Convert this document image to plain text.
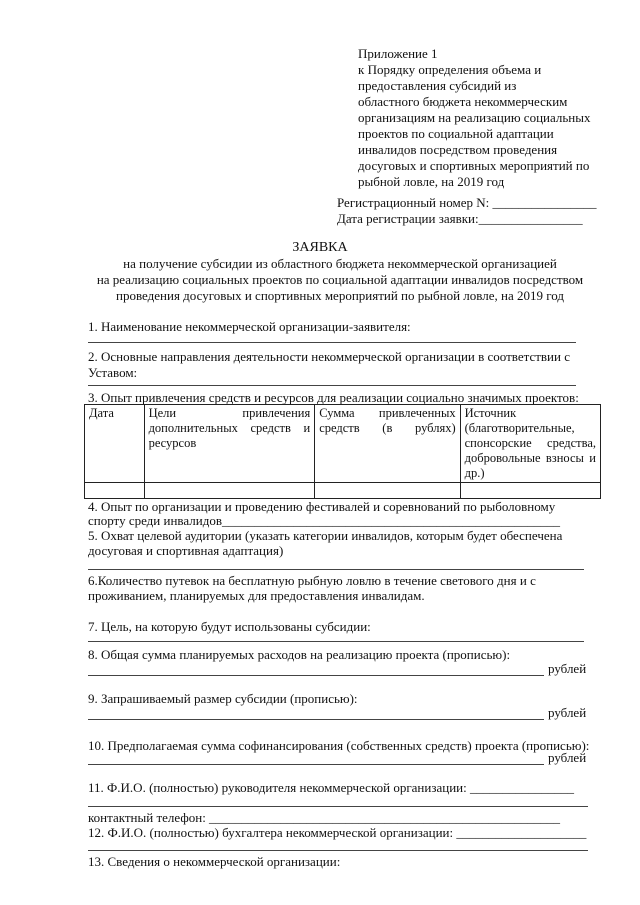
Приложение 1
к Порядку определения объема и
предоставления субсидий из
областного бюджета некоммерческим
организациям на реализацию социальных
проектов по социальной адаптации
инвалидов посредством проведения
досуговых и спортивных мероприятий по
рыбной ловле, на 2019 год
Регистрационный номер N: ________________
Дата регистрации заявки:________________
ЗАЯВКА
на получение субсидии из областного бюджета некоммерческой организацией
на реализацию социальных проектов по социальной адаптации инвалидов посредством
проведения досуговых и спортивных мероприятий по рыбной ловле, на 2019 год
1. Наименование некоммерческой организации-заявителя:
2. Основные направления деятельности некоммерческой организации в соответствии с
Уставом:
3. Опыт привлечения средств и ресурсов для реализации социально значимых проектов:
Дата	Цели привлечения дополнительных средств и ресурсов	Сумма привлеченных средств (в рублях)	Источник (благотворительные, спонсорские средства, добровольные взносы и др.)

4. Опыт по организации и проведению фестивалей и соревнований по рыболовному
спорту среди инвалидов____________________________________________________
5. Охват целевой аудитории (указать категории инвалидов, которым будет обеспечена
досуговая и спортивная адаптация)
6.Количество путевок на бесплатную рыбную ловлю в течение светового дня и с
проживанием, планируемых для предоставления инвалидам.
7. Цель, на которую будут использованы субсидии:
8. Общая сумма планируемых расходов на реализацию проекта (прописью):
рублей
9. Запрашиваемый размер субсидии (прописью):
рублей
10. Предполагаемая сумма софинансирования (собственных средств) проекта (прописью):
рублей
11. Ф.И.О. (полностью) руководителя некоммерческой организации: ________________
контактный телефон: ______________________________________________________
12. Ф.И.О. (полностью) бухгалтера некоммерческой организации: ____________________
13. Сведения о некоммерческой организации:
